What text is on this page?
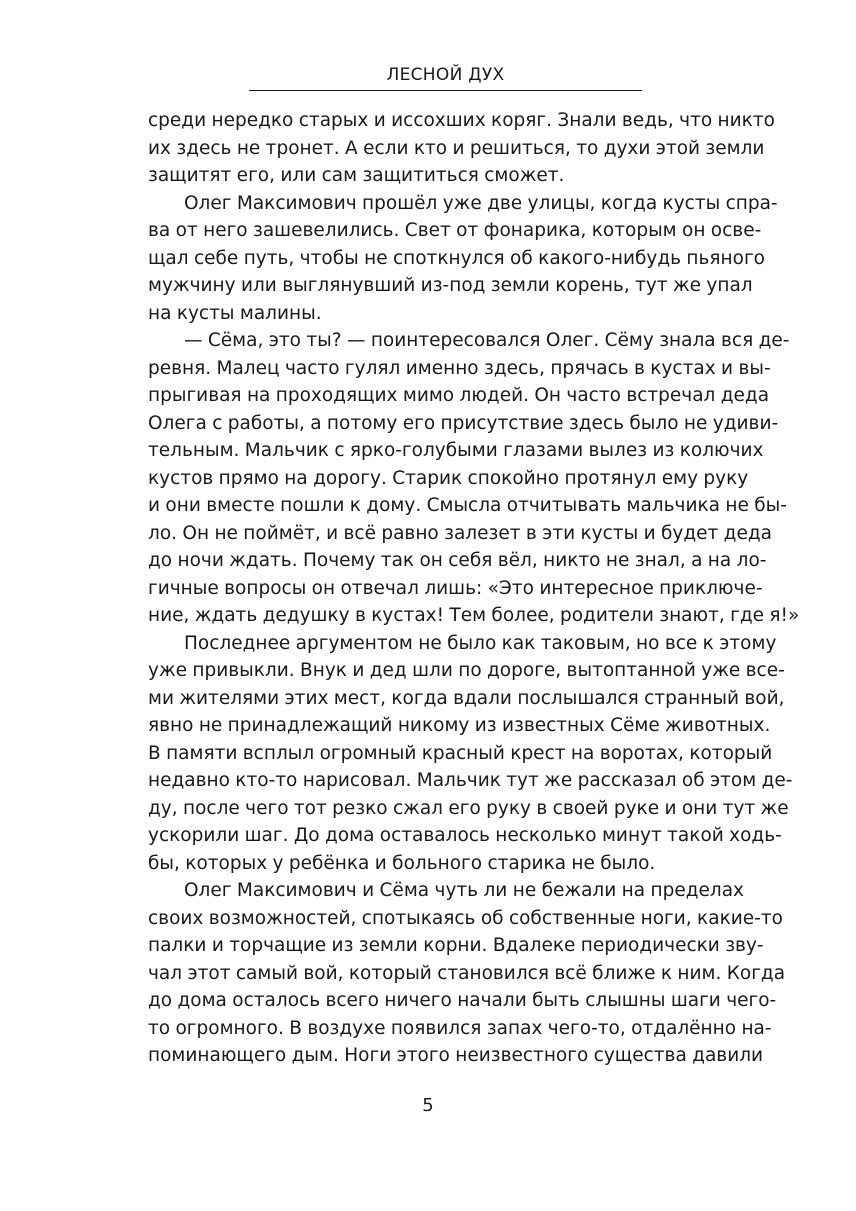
ЛЕСНОЙ ДУХ
среди нередко старых и иссохших коряг. Знали ведь, что никто
их здесь не тронет. А если кто и решиться, то духи этой земли
защитят его, или сам защититься сможет.
Олег Максимович прошёл уже две улицы, когда кусты спра-
ва от него зашевелились. Свет от фонарика, которым он осве-
щал себе путь, чтобы не споткнулся об какого-нибудь пьяного
мужчину или выглянувший из-под земли корень, тут же упал
на кусты малины.
— Сёма, это ты? — поинтересовался Олег. Сёму знала вся де-
ревня. Малец часто гулял именно здесь, прячась в кустах и вы-
прыгивая на проходящих мимо людей. Он часто встречал деда
Олега с работы, а потому его присутствие здесь было не удиви-
тельным. Мальчик с ярко-голубыми глазами вылез из колючих
кустов прямо на дорогу. Старик спокойно протянул ему руку
и они вместе пошли к дому. Смысла отчитывать мальчика не бы-
ло. Он не поймёт, и всё равно залезет в эти кусты и будет деда
до ночи ждать. Почему так он себя вёл, никто не знал, а на ло-
гичные вопросы он отвечал лишь: «Это интересное приключе-
ние, ждать дедушку в кустах! Тем более, родители знают, где я!»
Последнее аргументом не было как таковым, но все к этому
уже привыкли. Внук и дед шли по дороге, вытоптанной уже все-
ми жителями этих мест, когда вдали послышался странный вой,
явно не принадлежащий никому из известных Сёме животных.
В памяти всплыл огромный красный крест на воротах, который
недавно кто-то нарисовал. Мальчик тут же рассказал об этом де-
ду, после чего тот резко сжал его руку в своей руке и они тут же
ускорили шаг. До дома оставалось несколько минут такой ходь-
бы, которых у ребёнка и больного старика не было.
Олег Максимович и Сёма чуть ли не бежали на пределах
своих возможностей, спотыкаясь об собственные ноги, какие-то
палки и торчащие из земли корни. Вдалеке периодически зву-
чал этот самый вой, который становился всё ближе к ним. Когда
до дома осталось всего ничего начали быть слышны шаги чего-
то огромного. В воздухе появился запах чего-то, отдалённо на-
поминающего дым. Ноги этого неизвестного существа давили
5
